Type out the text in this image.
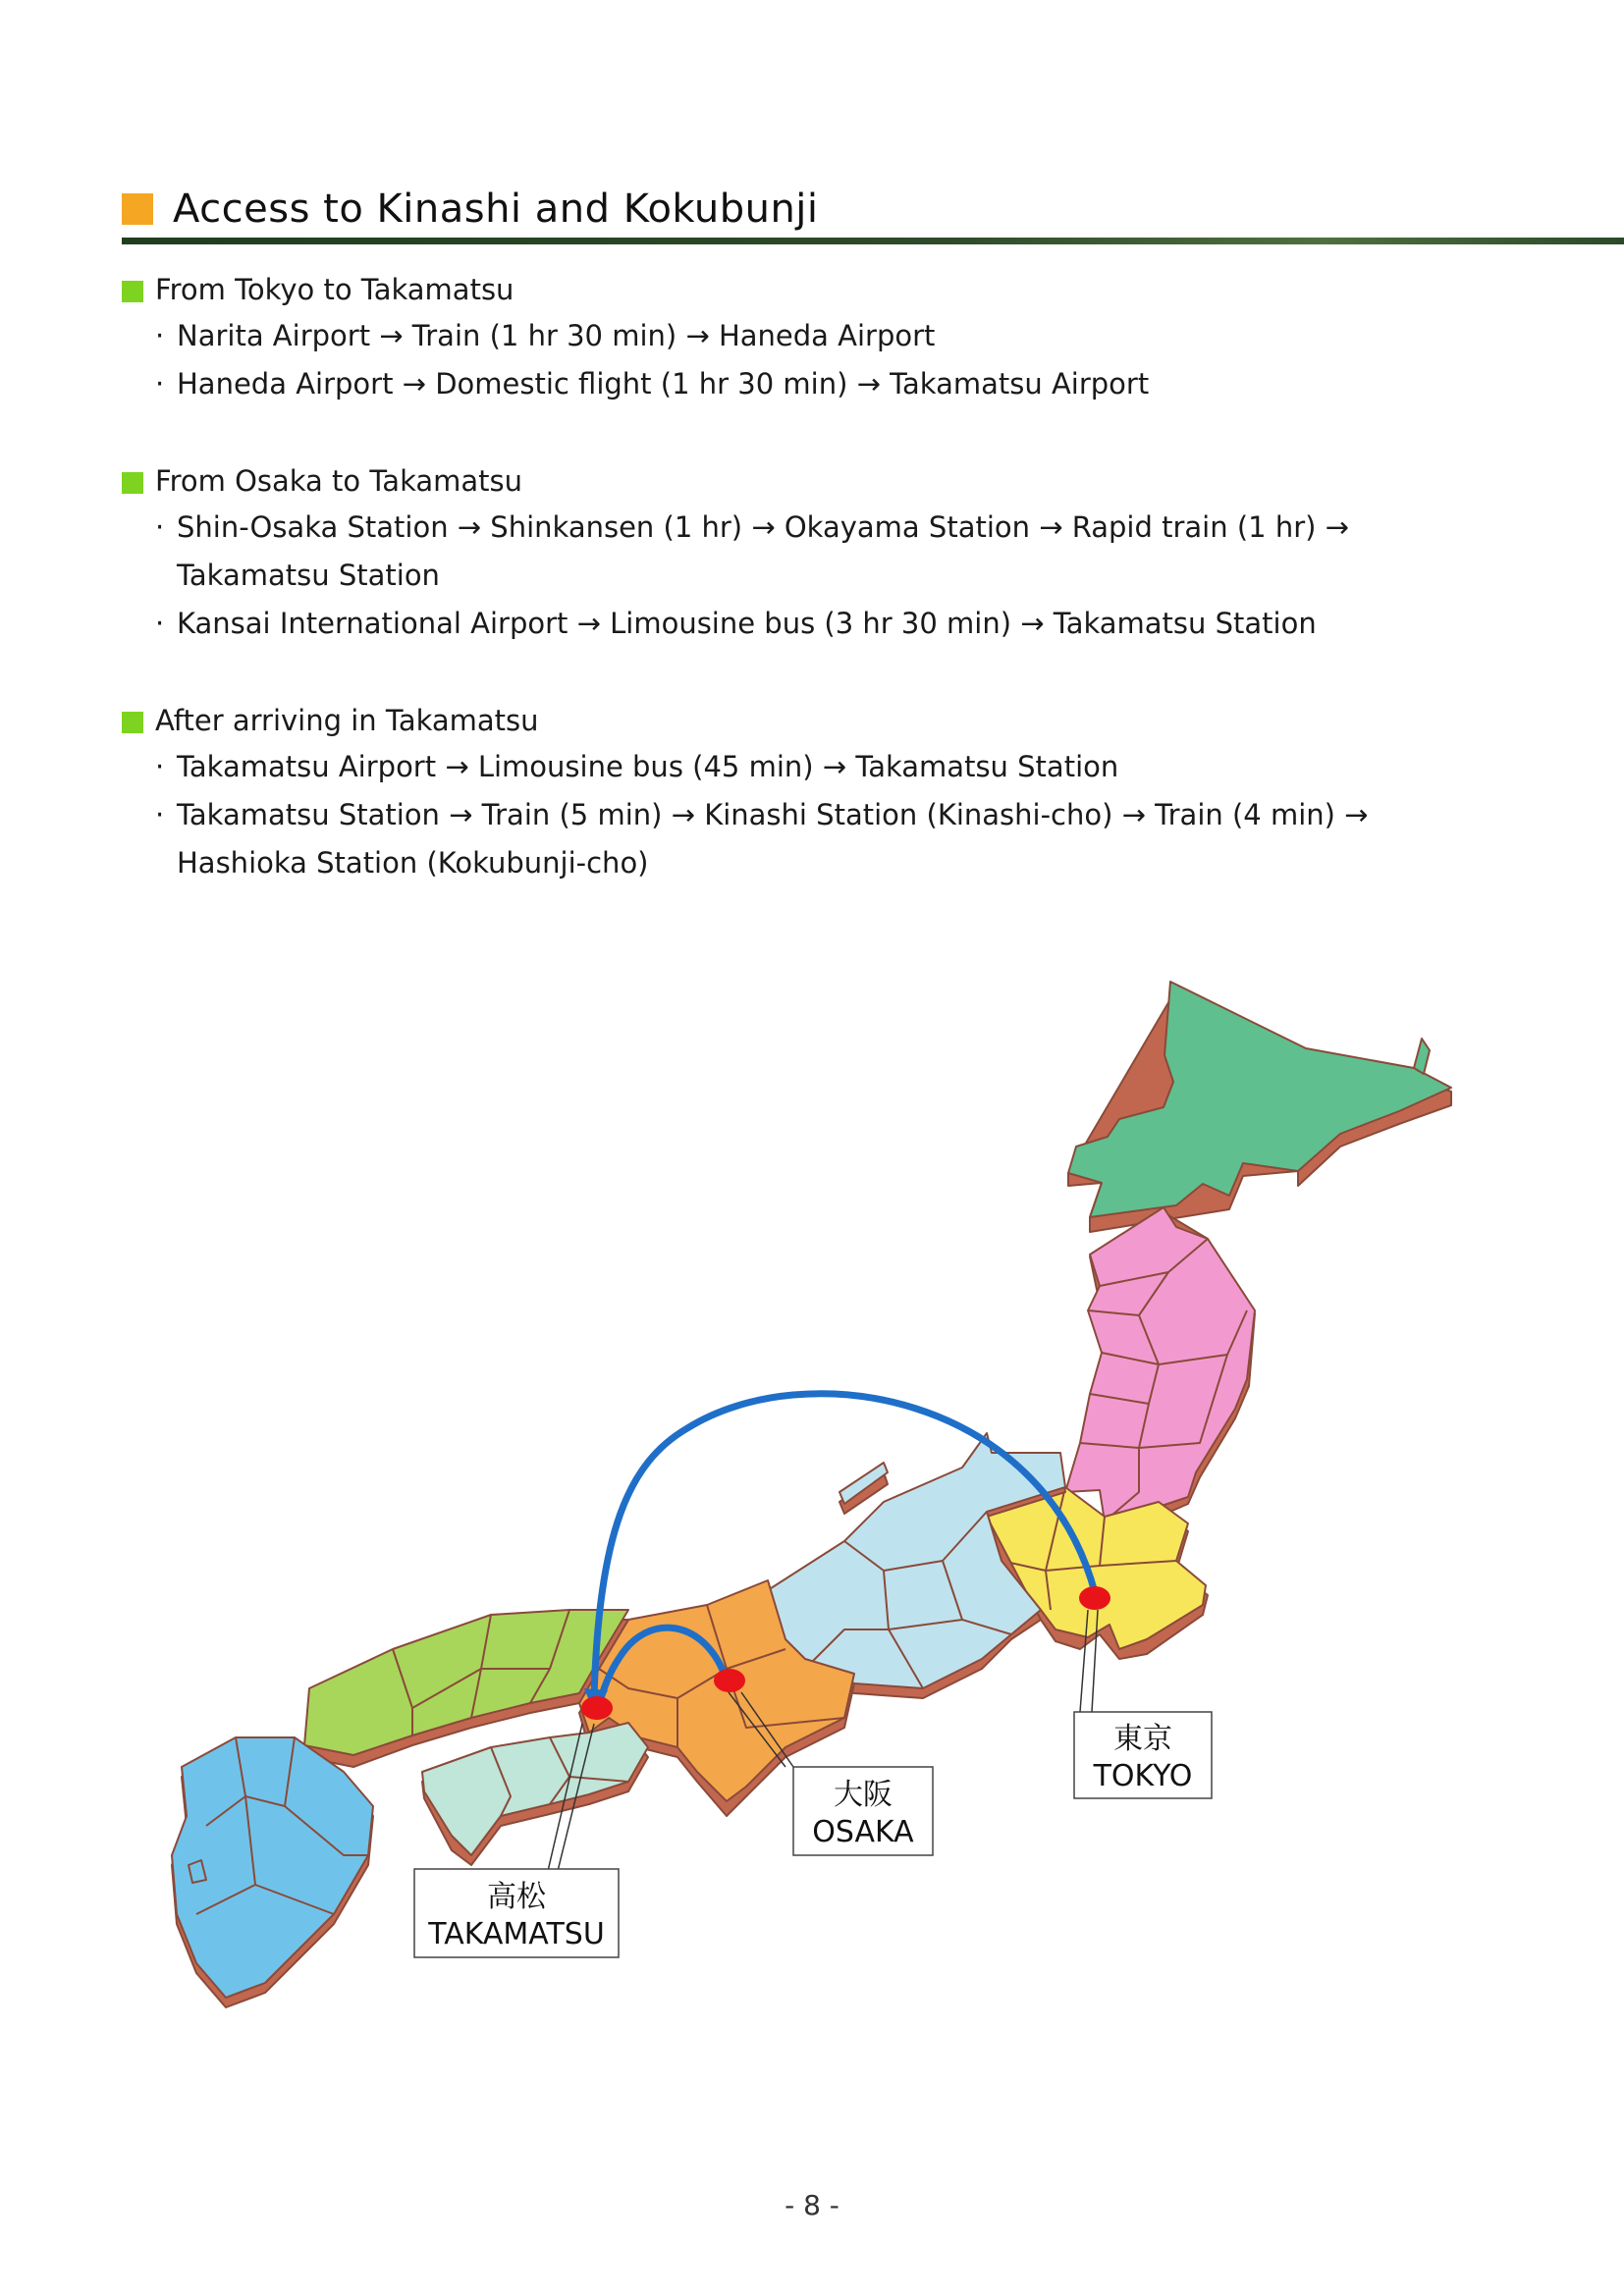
Access to Kinashi and Kokubunji
From Tokyo to Takamatsu
· Narita Airport → Train (1 hr 30 min) → Haneda Airport
· Haneda Airport → Domestic flight (1 hr 30 min) → Takamatsu Airport
From Osaka to Takamatsu
· Shin-Osaka Station → Shinkansen (1 hr) → Okayama Station → Rapid train (1 hr) →
Takamatsu Station
· Kansai International Airport → Limousine bus (3 hr 30 min) → Takamatsu Station
After arriving in Takamatsu
· Takamatsu Airport → Limousine bus (45 min) → Takamatsu Station
· Takamatsu Station → Train (5 min) → Kinashi Station (Kinashi-cho) → Train (4 min) →
Hashioka Station (Kokubunji-cho)
東京
TOKYO
大阪
OSAKA
高松
TAKAMATSU
- 8 -
